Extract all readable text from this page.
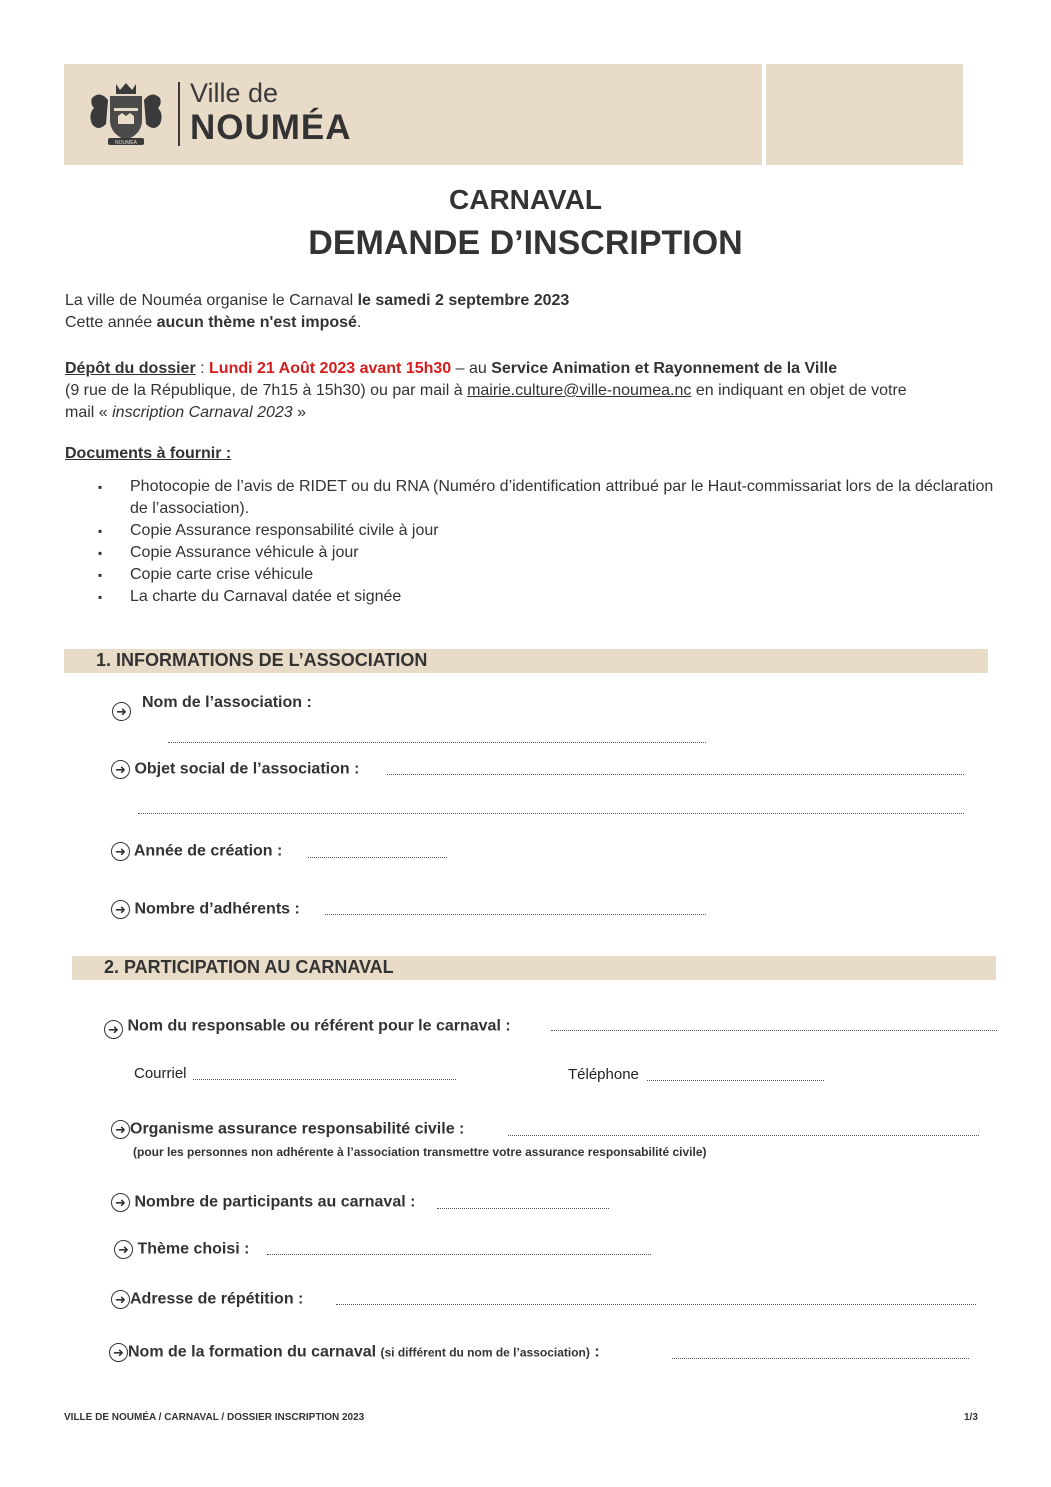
NOUMÉA
Ville de
NOUMÉA
CARNAVAL
DEMANDE D’INSCRIPTION
La ville de Nouméa organise le Carnaval le samedi 2 septembre 2023
Cette année aucun thème n'est imposé.
Dépôt du dossier : Lundi 21 Août 2023 avant 15h30 – au Service Animation et Rayonnement de la Ville
(9 rue de la République, de 7h15 à 15h30) ou par mail à mairie.culture@ville-noumea.nc en indiquant en objet de votre
mail « inscription Carnaval 2023 »
Documents à fournir :
▪ Photocopie de l’avis de RIDET ou du RNA (Numéro d’identification attribué par le Haut-commissariat lors de la déclaration de l’association).
▪ Copie Assurance responsabilité civile à jour
▪ Copie Assurance véhicule à jour
▪ Copie carte crise véhicule
▪ La charte du Carnaval datée et signée
1. INFORMATIONS DE L’ASSOCIATION
➜
Nom de l’association :
➜ Objet social de l’association :
➜ Année de création :
➜ Nombre d’adhérents :
2. PARTICIPATION AU CARNAVAL
➜ Nom du responsable ou référent pour le carnaval :
Courriel	Téléphone
➜ Organisme assurance responsabilité civile :
(pour les personnes non adhérente à l’association transmettre votre assurance responsabilité civile)
➜ Nombre de participants au carnaval :
➜ Thème choisi :
➜ Adresse de répétition :
➜ Nom de la formation du carnaval (si différent du nom de l’association) :
VILLE DE NOUMÉA / CARNAVAL / DOSSIER INSCRIPTION 2023	1/3
